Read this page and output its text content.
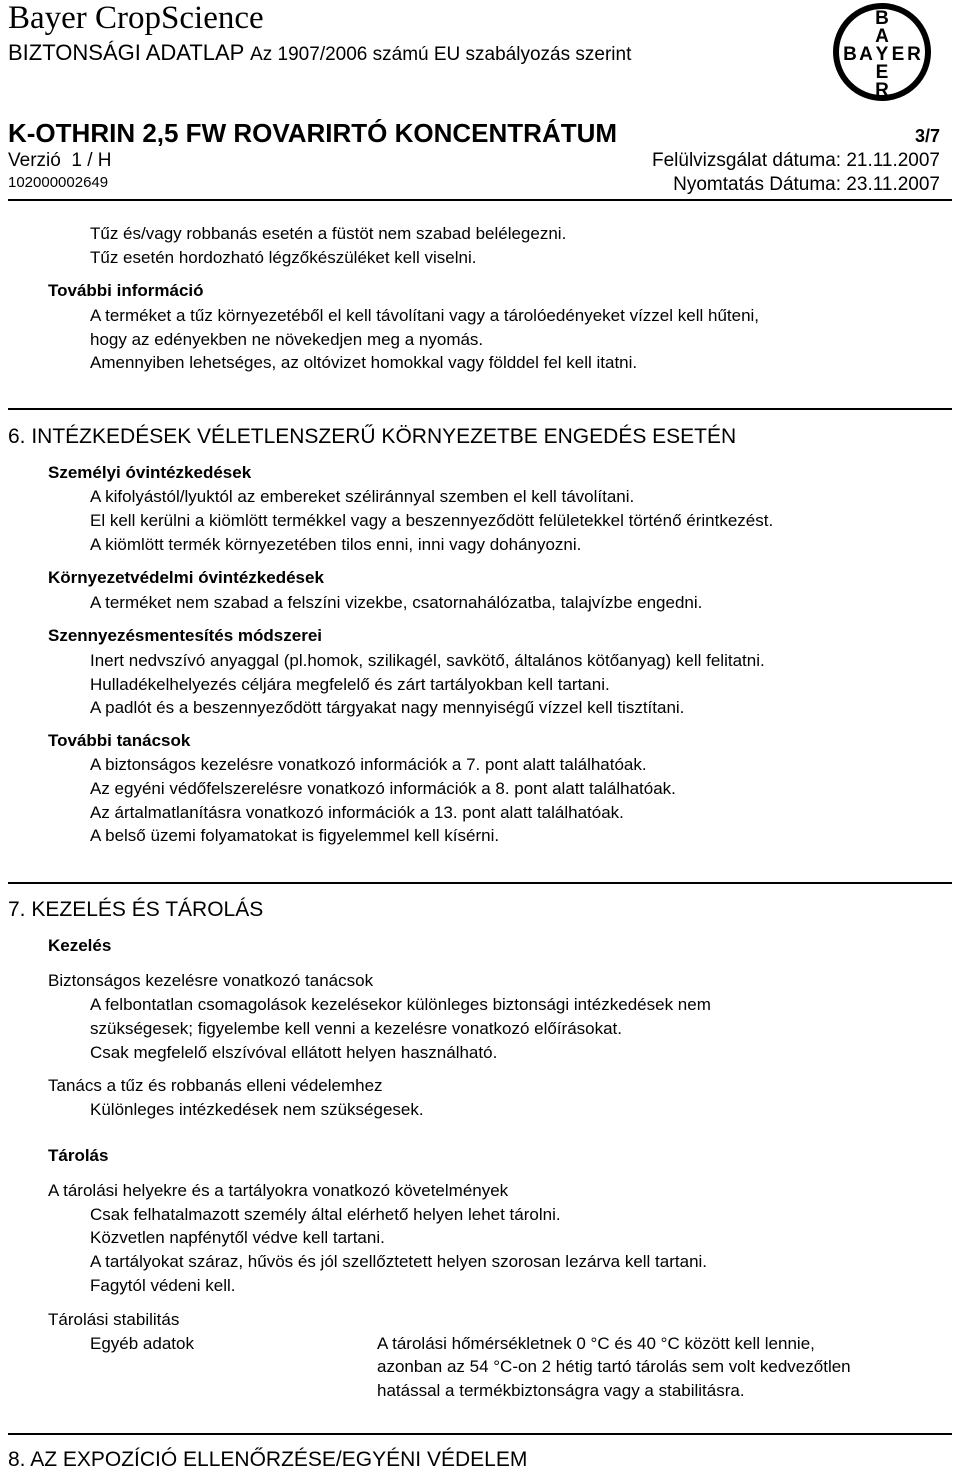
Bayer CropScience
BIZTONSÁGI ADATLAP Az 1907/2006 számú EU szabályozás szerint
B
A
B A Y E R
E
R
K-OTHRIN 2,5 FW ROVARIRTÓ KONCENTRÁTUM	3/7
Verzió 1 / H	Felülvizsgálat dátuma: 21.11.2007
102000002649	Nyomtatás Dátuma: 23.11.2007
Tűz és/vagy robbanás esetén a füstöt nem szabad belélegezni.
Tűz esetén hordozható légzőkészüléket kell viselni.
További információ
A terméket a tűz környezetéből el kell távolítani vagy a tárolóedényeket vízzel kell hűteni,
hogy az edényekben ne növekedjen meg a nyomás.
Amennyiben lehetséges, az oltóvizet homokkal vagy földdel fel kell itatni.
6. INTÉZKEDÉSEK VÉLETLENSZERŰ KÖRNYEZETBE ENGEDÉS ESETÉN
Személyi óvintézkedések
A kifolyástól/lyuktól az embereket széliránnyal szemben el kell távolítani.
El kell kerülni a kiömlött termékkel vagy a beszennyeződött felületekkel történő érintkezést.
A kiömlött termék környezetében tilos enni, inni vagy dohányozni.
Környezetvédelmi óvintézkedések
A terméket nem szabad a felszíni vizekbe, csatornahálózatba, talajvízbe engedni.
Szennyezésmentesítés módszerei
Inert nedvszívó anyaggal (pl.homok, szilikagél, savkötő, általános kötőanyag) kell felitatni.
Hulladékelhelyezés céljára megfelelő és zárt tartályokban kell tartani.
A padlót és a beszennyeződött tárgyakat nagy mennyiségű vízzel kell tisztítani.
További tanácsok
A biztonságos kezelésre vonatkozó információk a 7. pont alatt találhatóak.
Az egyéni védőfelszerelésre vonatkozó információk a 8. pont alatt találhatóak.
Az ártalmatlanításra vonatkozó információk a 13. pont alatt találhatóak.
A belső üzemi folyamatokat is figyelemmel kell kísérni.
7. KEZELÉS ÉS TÁROLÁS
Kezelés
Biztonságos kezelésre vonatkozó tanácsok
A felbontatlan csomagolások kezelésekor különleges biztonsági intézkedések nem
szükségesek; figyelembe kell venni a kezelésre vonatkozó előírásokat.
Csak megfelelő elszívóval ellátott helyen használható.
Tanács a tűz és robbanás elleni védelemhez
Különleges intézkedések nem szükségesek.
Tárolás
A tárolási helyekre és a tartályokra vonatkozó követelmények
Csak felhatalmazott személy által elérhető helyen lehet tárolni.
Közvetlen napfénytől védve kell tartani.
A tartályokat száraz, hűvös és jól szellőztetett helyen szorosan lezárva kell tartani.
Fagytól védeni kell.
Tárolási stabilitás
Egyéb adatok	A tárolási hőmérsékletnek 0 °C és 40 °C között kell lennie,
azonban az 54 °C-on 2 hétig tartó tárolás sem volt kedvezőtlen
hatással a termékbiztonságra vagy a stabilitásra.
8. AZ EXPOZÍCIÓ ELLENŐRZÉSE/EGYÉNI VÉDELEM
